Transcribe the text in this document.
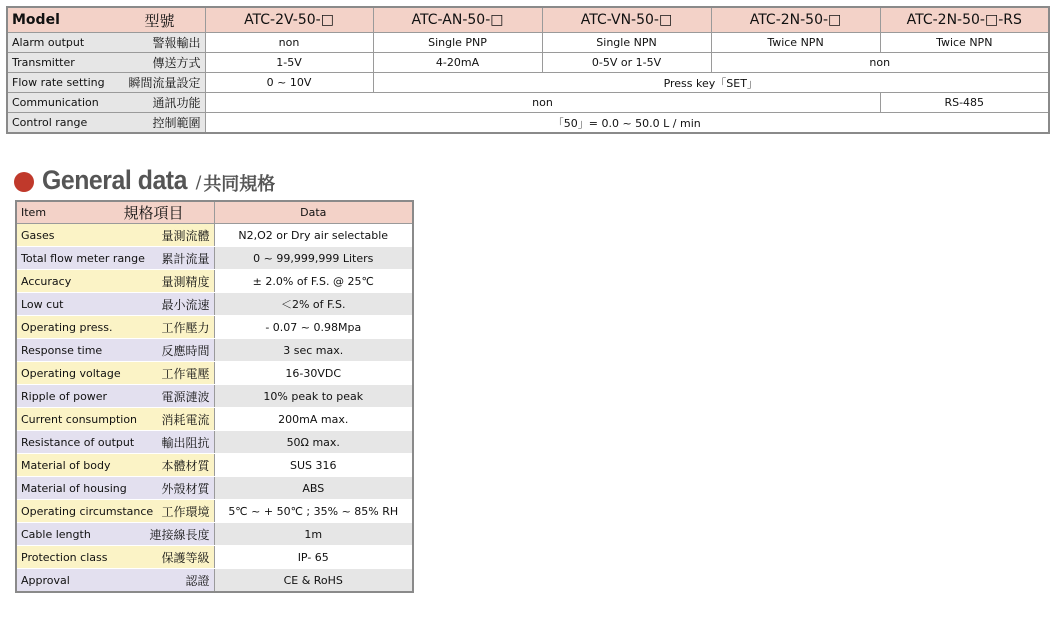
Model 型號	ATC-2V-50-□	ATC-AN-50-□	ATC-VN-50-□	ATC-2N-50-□	ATC-2N-50-□-RS

Alarm output 警報輸出	non	Single PNP	Single NPN	Twice NPN	Twice NPN

Transmitter 傳送方式	1-5V	4-20mA	0-5V or 1-5V	non	

Flow rate setting 瞬間流量設定	0 ~ 10V	Press key「SET」			

Communication 通訊功能	non				RS-485

Control range 控制範圍	「50」= 0.0 ~ 50.0 L / min				
General data / 共同規格
Item 規格項目	Data

Gases 量測流體	N2,O2 or Dry air selectable

Total flow meter range 累計流量	0 ~ 99,999,999 Liters

Accuracy 量測精度	± 2.0% of F.S. @ 25℃

Low cut 最小流速	＜2% of F.S.

Operating press. 工作壓力	- 0.07 ~ 0.98Mpa

Response time 反應時間	3 sec max.

Operating voltage 工作電壓	16-30VDC

Ripple of power 電源漣波	10% peak to peak

Current consumption 消耗電流	200mA max.

Resistance of output 輸出阻抗	50Ω max.

Material of body 本體材質	SUS 316

Material of housing 外殼材質	ABS

Operating circumstance 工作環境	5℃ ~ + 50℃ ; 35% ~ 85% RH

Cable length 連接線長度	1m

Protection class 保護等級	IP- 65

Approval 認證	CE & RoHS
